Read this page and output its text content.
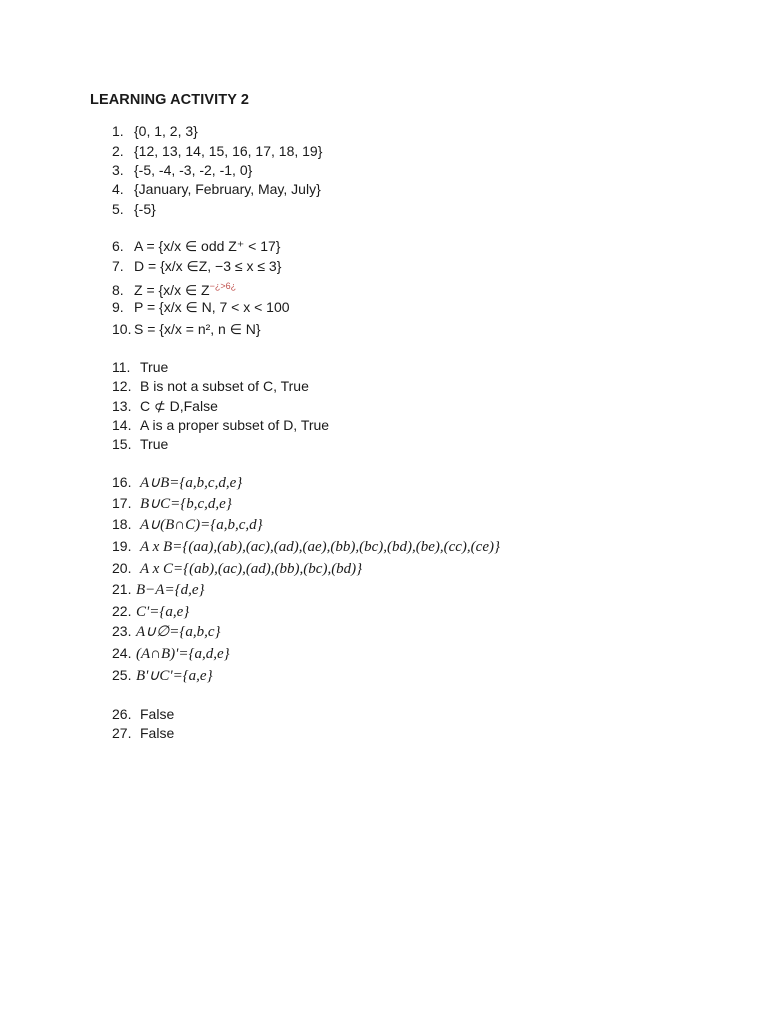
LEARNING ACTIVITY 2
1. {0, 1, 2, 3}
2. {12, 13, 14, 15, 16, 17, 18, 19}
3. {-5, -4, -3, -2, -1, 0}
4. {January, February, May, July}
5. {-5}
6. A = {x/x ∈ odd Z⁺ < 17}
7. D = {x/x ∈Z, −3 ≤ x ≤ 3}
8. Z = {x/x ∈ $Z^{-¿>6¿}$
9. P = {x/x ∈ N, 7 < x < 100
10. S = {x/x = n², n ∈ N}
11. True
12. B is not a subset of C, True
13. C ⊄ D,False
14. A is a proper subset of D, True
15. True
16. A∪B={a,b,c,d,e}
17. B∪C={b,c,d,e}
18. A∪(B∩C)={a,b,c,d}
19. A x B={(aa),(ab),(ac),(ad),(ae),(bb),(bc),(bd),(be),(cc),(ce)}
20. A x C={(ab),(ac),(ad),(bb),(bc),(bd)}
21. B−A={d,e}
22. C'={a,e}
23. A∪∅={a,b,c}
24. (A∩B)'={a,d,e}
25. B'∪C'={a,e}
26. False
27. False
